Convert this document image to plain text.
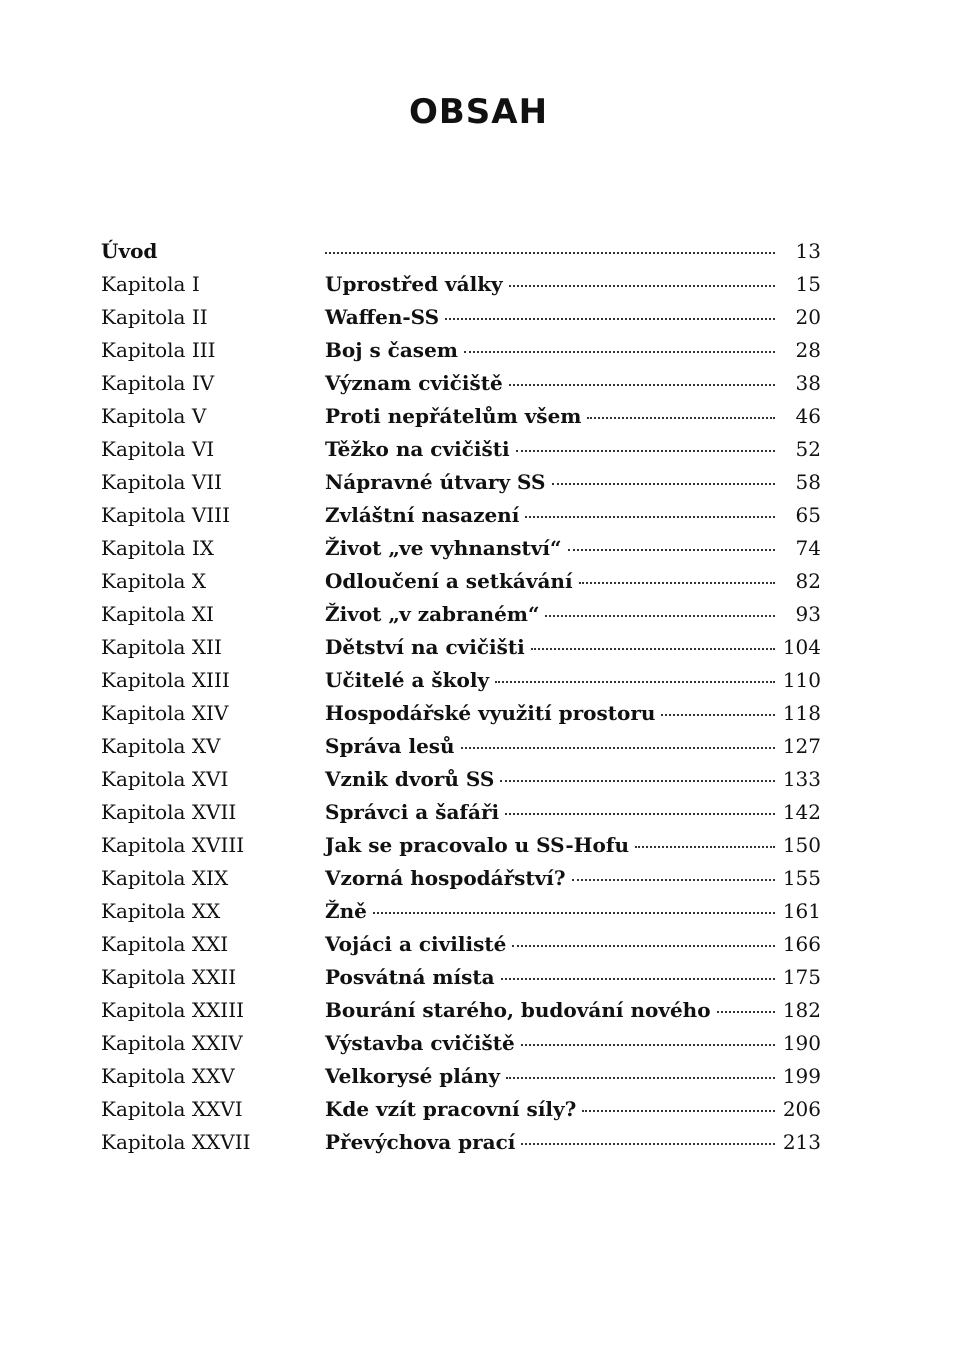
OBSAH
Úvod	13
Kapitola I	Uprostřed války	15
Kapitola II	Waffen-SS	20
Kapitola III	Boj s časem	28
Kapitola IV	Význam cvičiště	38
Kapitola V	Proti nepřátelům všem	46
Kapitola VI	Těžko na cvičišti	52
Kapitola VII	Nápravné útvary SS	58
Kapitola VIII	Zvláštní nasazení	65
Kapitola IX	Život „ve vyhnanství“	74
Kapitola X	Odloučení a setkávání	82
Kapitola XI	Život „v zabraném“	93
Kapitola XII	Dětství na cvičišti	104
Kapitola XIII	Učitelé a školy	110
Kapitola XIV	Hospodářské využití prostoru	118
Kapitola XV	Správa lesů	127
Kapitola XVI	Vznik dvorů SS	133
Kapitola XVII	Správci a šafáři	142
Kapitola XVIII	Jak se pracovalo u SS-Hofu	150
Kapitola XIX	Vzorná hospodářství?	155
Kapitola XX	Žně	161
Kapitola XXI	Vojáci a civilisté	166
Kapitola XXII	Posvátná místa	175
Kapitola XXIII	Bourání starého, budování nového	182
Kapitola XXIV	Výstavba cvičiště	190
Kapitola XXV	Velkorysé plány	199
Kapitola XXVI	Kde vzít pracovní síly?	206
Kapitola XXVII	Převýchova prací	213
